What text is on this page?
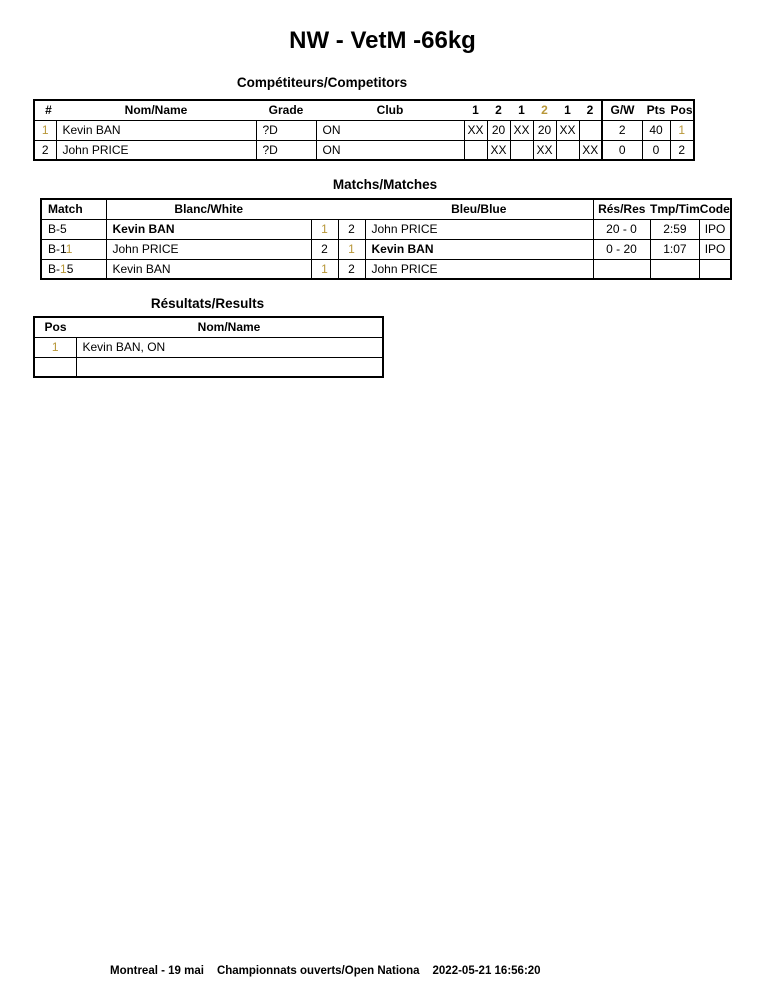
NW - VetM -66kg
Compétiteurs/Competitors
#	Nom/Name	Grade	Club	1	2	1	2	1	2	G/W	Pts	Pos
1	Kevin BAN	?D	ON	XX	20	XX	20	XX		2	40	1
2	John PRICE	?D	ON		XX		XX		XX	0	0	2
Matchs/Matches
Match	Blanc/White			Bleu/Blue	Rés/Res	Tmp/Tim	Code
B-5	Kevin BAN	1	2	John PRICE	20 - 0	2:59	IPO
B-11	John PRICE	2	1	Kevin BAN	0 - 20	1:07	IPO
B-15	Kevin BAN	1	2	John PRICE			
Résultats/Results
Pos	Nom/Name
1	Kevin BAN, ON

Montreal - 19 mai Championnats ouverts/Open Nationa 2022-05-21 16:56:20
